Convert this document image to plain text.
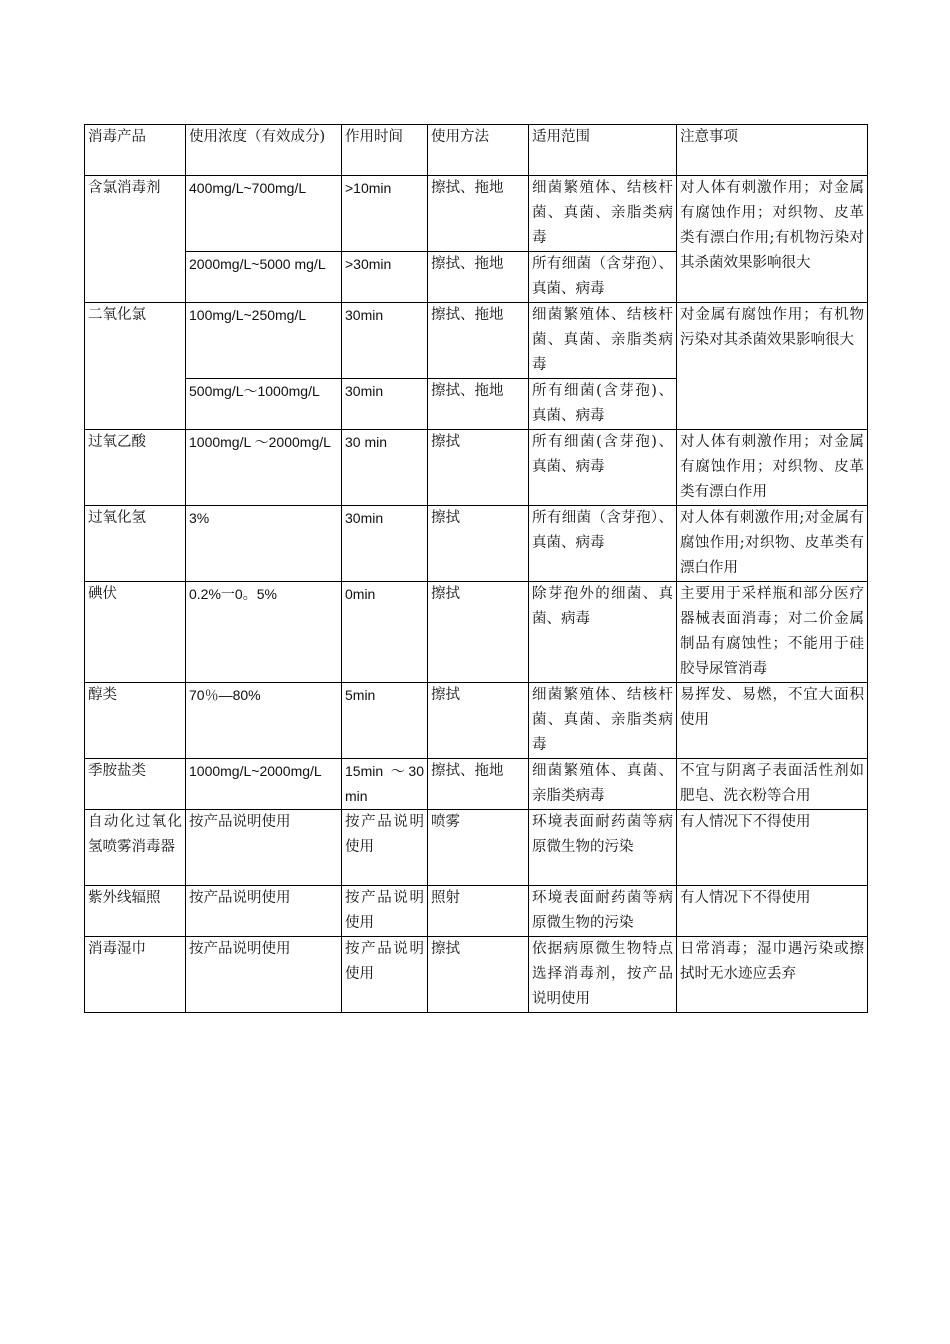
消毒产品	使用浓度（有效成分)	作用时间	使用方法	适用范围	注意事项
含氯消毒剂	400mg/L~700mg/L	>10min	擦拭、拖地	细菌繁殖体、结核杆菌、真菌、亲脂类病毒	对人体有刺激作用；对金属有腐蚀作用；对织物、皮革类有漂白作用;有机物污染对其杀菌效果影响很大
	2000mg/L~5000 mg/L	>30min	擦拭、拖地	所有细菌（含芽孢）、真菌、病毒	
二氧化氯	100mg/L~250mg/L	30min	擦拭、拖地	细菌繁殖体、结核杆菌、真菌、亲脂类病毒	对金属有腐蚀作用；有机物污染对其杀菌效果影响很大
	500mg/L～1000mg/L	30min	擦拭、拖地	所有细菌(含芽孢)、真菌、病毒	
过氧乙酸	1000mg/L ～2000mg/L	30 min	擦拭	所有细菌(含芽孢)、真菌、病毒	对人体有刺激作用；对金属有腐蚀作用；对织物、皮革类有漂白作用
过氧化氢	3%	30min	擦拭	所有细菌（含芽孢）、真菌、病毒	对人体有刺激作用;对金属有腐蚀作用;对织物、皮革类有漂白作用
碘伏	0.2%一0。5%	0min	擦拭	除芽孢外的细菌、真菌、病毒	主要用于采样瓶和部分医疗器械表面消毒；对二价金属制品有腐蚀性；不能用于硅胶导尿管消毒
醇类	70％—80%	5min	擦拭	细菌繁殖体、结核杆菌、真菌、亲脂类病毒	易挥发、易燃，不宜大面积使用
季胺盐类	1000mg/L~2000mg/L	15min ～30min	擦拭、拖地	细菌繁殖体、真菌、亲脂类病毒	不宜与阴离子表面活性剂如肥皂、洗衣粉等合用
自动化过氧化氢喷雾消毒器	按产品说明使用	按产品说明使用	喷雾	环境表面耐药菌等病原微生物的污染	有人情况下不得使用
紫外线辐照	按产品说明使用	按产品说明使用	照射	环境表面耐药菌等病原微生物的污染	有人情况下不得使用
消毒湿巾	按产品说明使用	按产品说明使用	擦拭	依据病原微生物特点选择消毒剂，按产品说明使用	日常消毒；湿巾遇污染或擦拭时无水迹应丢弃
